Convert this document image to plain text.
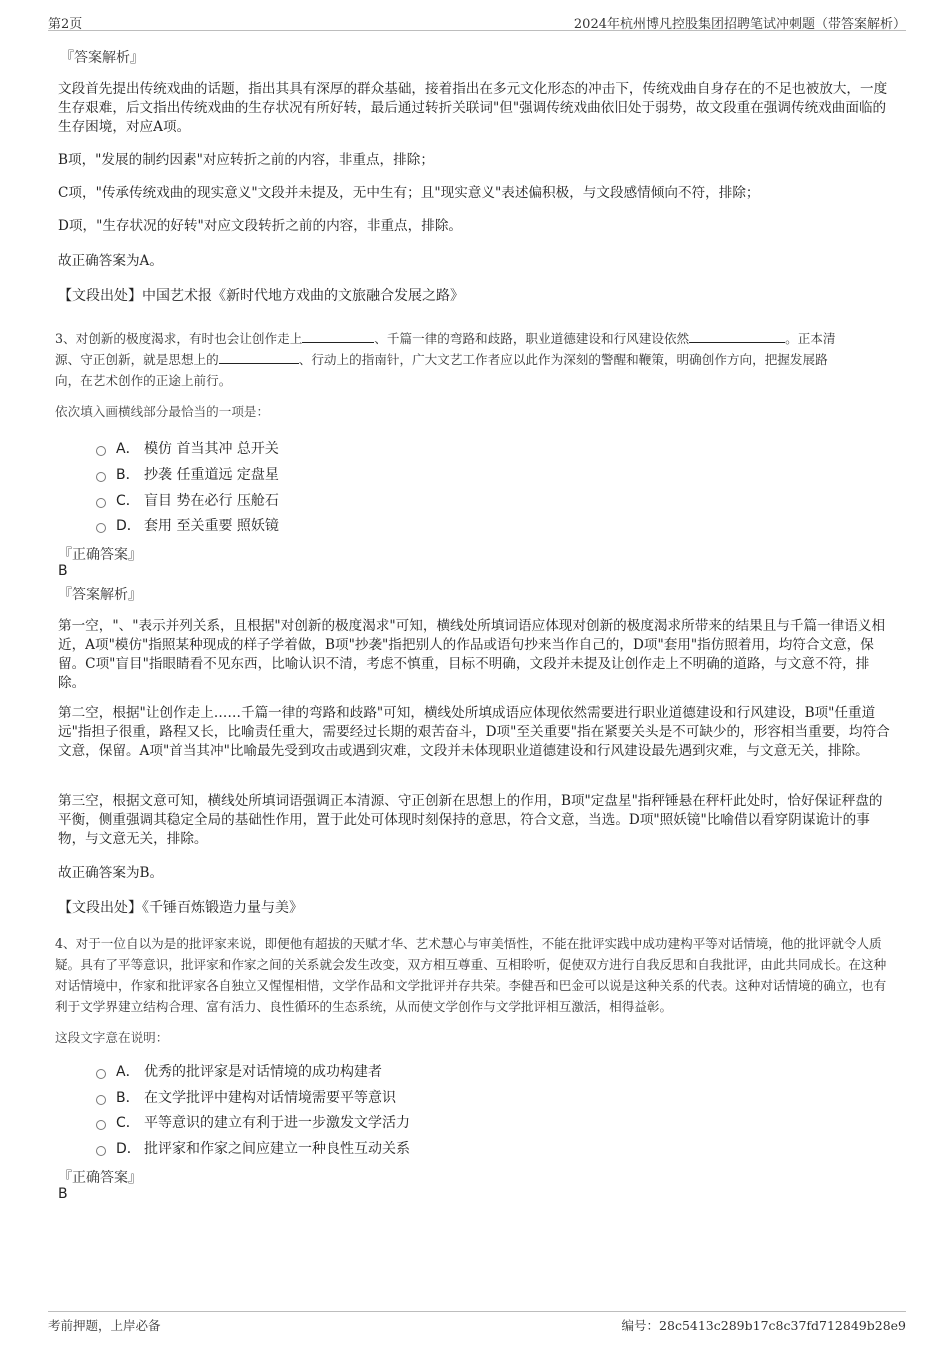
第2页	2024年杭州博凡控股集团招聘笔试冲刺题（带答案解析）
『答案解析』
文段首先提出传统戏曲的话题，指出其具有深厚的群众基础，接着指出在多元文化形态的冲击下，传统戏曲自身存在的不足也被放大，一度生存艰难，后文指出传统戏曲的生存状况有所好转，最后通过转折关联词"但"强调传统戏曲依旧处于弱势，故文段重在强调传统戏曲面临的生存困境，对应A项。
B项，"发展的制约因素"对应转折之前的内容，非重点，排除；
C项，"传承传统戏曲的现实意义"文段并未提及，无中生有；且"现实意义"表述偏积极，与文段感情倾向不符，排除；
D项，"生存状况的好转"对应文段转折之前的内容，非重点，排除。
故正确答案为A。
【文段出处】中国艺术报《新时代地方戏曲的文旅融合发展之路》
3、对创新的极度渴求，有时也会让创作走上	、千篇一律的弯路和歧路，职业道德建设和行风建设依然	。正本清
源、守正创新，就是思想上的	、行动上的指南针，广大文艺工作者应以此作为深刻的警醒和鞭策，明确创作方向，把握发展路
向，在艺术创作的正途上前行。
依次填入画横线部分最恰当的一项是：
A． 模仿 首当其冲 总开关
B． 抄袭 任重道远 定盘星
C． 盲目 势在必行 压舱石
D． 套用 至关重要 照妖镜
『正确答案』
B
『答案解析』
第一空，"、"表示并列关系，且根据"对创新的极度渴求"可知，横线处所填词语应体现对创新的极度渴求所带来的结果且与千篇一律语义相近，A项"模仿"指照某种现成的样子学着做，B项"抄袭"指把别人的作品或语句抄来当作自己的，D项"套用"指仿照着用，均符合文意，保留。C项"盲目"指眼睛看不见东西，比喻认识不清，考虑不慎重，目标不明确，文段并未提及让创作走上不明确的道路，与文意不符，排除。
第二空，根据"让创作走上……千篇一律的弯路和歧路"可知，横线处所填成语应体现依然需要进行职业道德建设和行风建设，B项"任重道远"指担子很重，路程又长，比喻责任重大，需要经过长期的艰苦奋斗，D项"至关重要"指在紧要关头是不可缺少的，形容相当重要，均符合文意，保留。A项"首当其冲"比喻最先受到攻击或遇到灾难，文段并未体现职业道德建设和行风建设最先遇到灾难，与文意无关，排除。
第三空，根据文意可知，横线处所填词语强调正本清源、守正创新在思想上的作用，B项"定盘星"指秤锤悬在秤杆此处时，恰好保证秤盘的平衡，侧重强调其稳定全局的基础性作用，置于此处可体现时刻保持的意思，符合文意，当选。D项"照妖镜"比喻借以看穿阴谋诡计的事物，与文意无关，排除。
故正确答案为B。
【文段出处】《千锤百炼锻造力量与美》
4、对于一位自以为是的批评家来说，即便他有超拔的天赋才华、艺术慧心与审美悟性，不能在批评实践中成功建构平等对话情境，他的批评就令人质疑。具有了平等意识，批评家和作家之间的关系就会发生改变，双方相互尊重、互相聆听，促使双方进行自我反思和自我批评，由此共同成长。在这种对话情境中，作家和批评家各自独立又惺惺相惜，文学作品和文学批评并存共荣。李健吾和巴金可以说是这种关系的代表。这种对话情境的确立，也有利于文学界建立结构合理、富有活力、良性循环的生态系统，从而使文学创作与文学批评相互激活，相得益彰。
这段文字意在说明：
A． 优秀的批评家是对话情境的成功构建者
B． 在文学批评中建构对话情境需要平等意识
C． 平等意识的建立有利于进一步激发文学活力
D． 批评家和作家之间应建立一种良性互动关系
『正确答案』
B
考前押题，上岸必备	编号：28c5413c289b17c8c37fd712849b28e9
